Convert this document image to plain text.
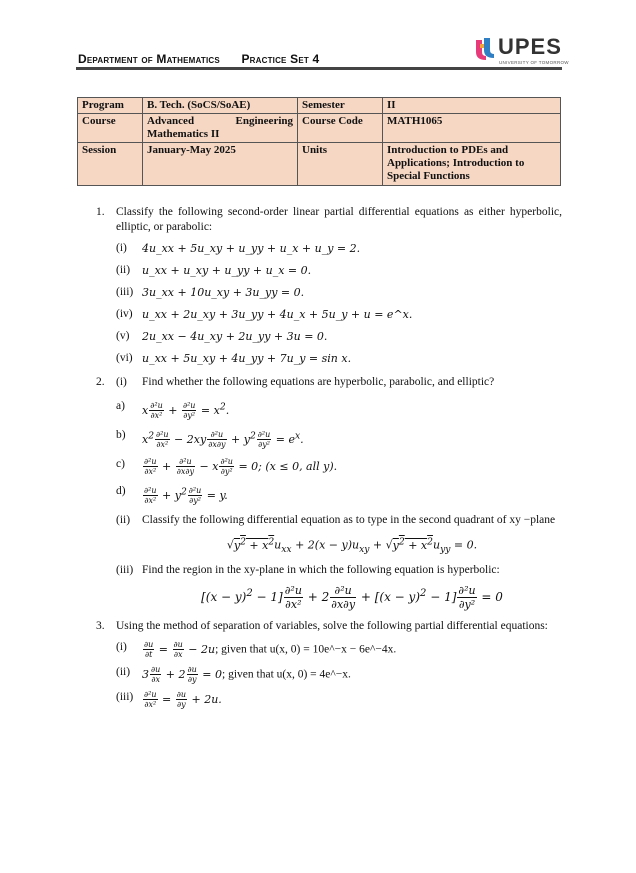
Department of Mathematics Practice Set 4	UPES
UNIVERSITY OF TOMORROW
Program	B. Tech. (SoCS/SoAE)	Semester	II
Course	Advanced Engineering Mathematics II	Course Code	MATH1065
Session	January-May 2025	Units	Introduction to PDEs and Applications; Introduction to Special Functions
1. Classify the following second-order linear partial differential equations as either hyperbolic, elliptic, or parabolic:
(i) 4u_xx + 5u_xy + u_yy + u_x + u_y = 2.
(ii) u_xx + u_xy + u_yy + u_x = 0.
(iii) 3u_xx + 10u_xy + 3u_yy = 0.
(iv) u_xx + 2u_xy + 3u_yy + 4u_x + 5u_y + u = e^x.
(v) 2u_xx − 4u_xy + 2u_yy + 3u = 0.
(vi) u_xx + 5u_xy + 4u_yy + 7u_y = sin x.
2. (i) Find whether the following equations are hyperbolic, parabolic, and elliptic?
a) x $\frac{\text{∂²u}}{\text{∂x²}} + \frac{\text{∂²u}}{\text{∂y²}} = x^2$.
b) $x^2 \frac{\text{∂²u}}{\text{∂x²}} - 2xy \frac{\text{∂²u}}{\partial x\partial y} + y^2 \frac{\text{∂²u}}{\text{∂y²}} = e^x$.
$c) \frac{\text{∂²u}}{\text{∂x²}} + \frac{\text{∂²u}}{\partial x\partial y} - x \frac{\text{∂²u}}{\text{∂y²}} = 0$; (x ≤ 0, all y).
$d) \frac{\text{∂²u}}{\text{∂x²}} + y^2 \frac{\text{∂²u}}{\text{∂y²}} = y$.
(ii) Classify the following differential equation as to type in the second quadrant of xy −plane
$√y^2 + x^2u_{xx} + 2(x - y)u_{xy} + √y^2 + x^2u_{yy} = 0$.
(iii) Find the region in the xy-plane in which the following equation is hyperbolic:
$[(x - y)^2 - 1] \frac{\text{∂²u}}{\text{∂x²}} + 2 \frac{\text{∂²u}}{\partial x\partial y} + [(x - y)^2 - 1] \frac{\text{∂²u}}{\text{∂y²}} = 0$
3. Using the method of separation of variables, solve the following partial differential equations:
$(i) \frac{\partial u}{\partial t} = \frac{\partial u}{\partial x} - 2u$; given that u(x, 0) = 10e^−x − 6e^−4x.
(ii) $3 \frac{\partial u}{\partial x} + 2 \frac{\partial u}{\partial y} = 0$; given that u(x, 0) = 4e^−x.
$(iii) \frac{\text{∂²u}}{\text{∂x²}} = \frac{\partial u}{\partial y} + 2u$.
